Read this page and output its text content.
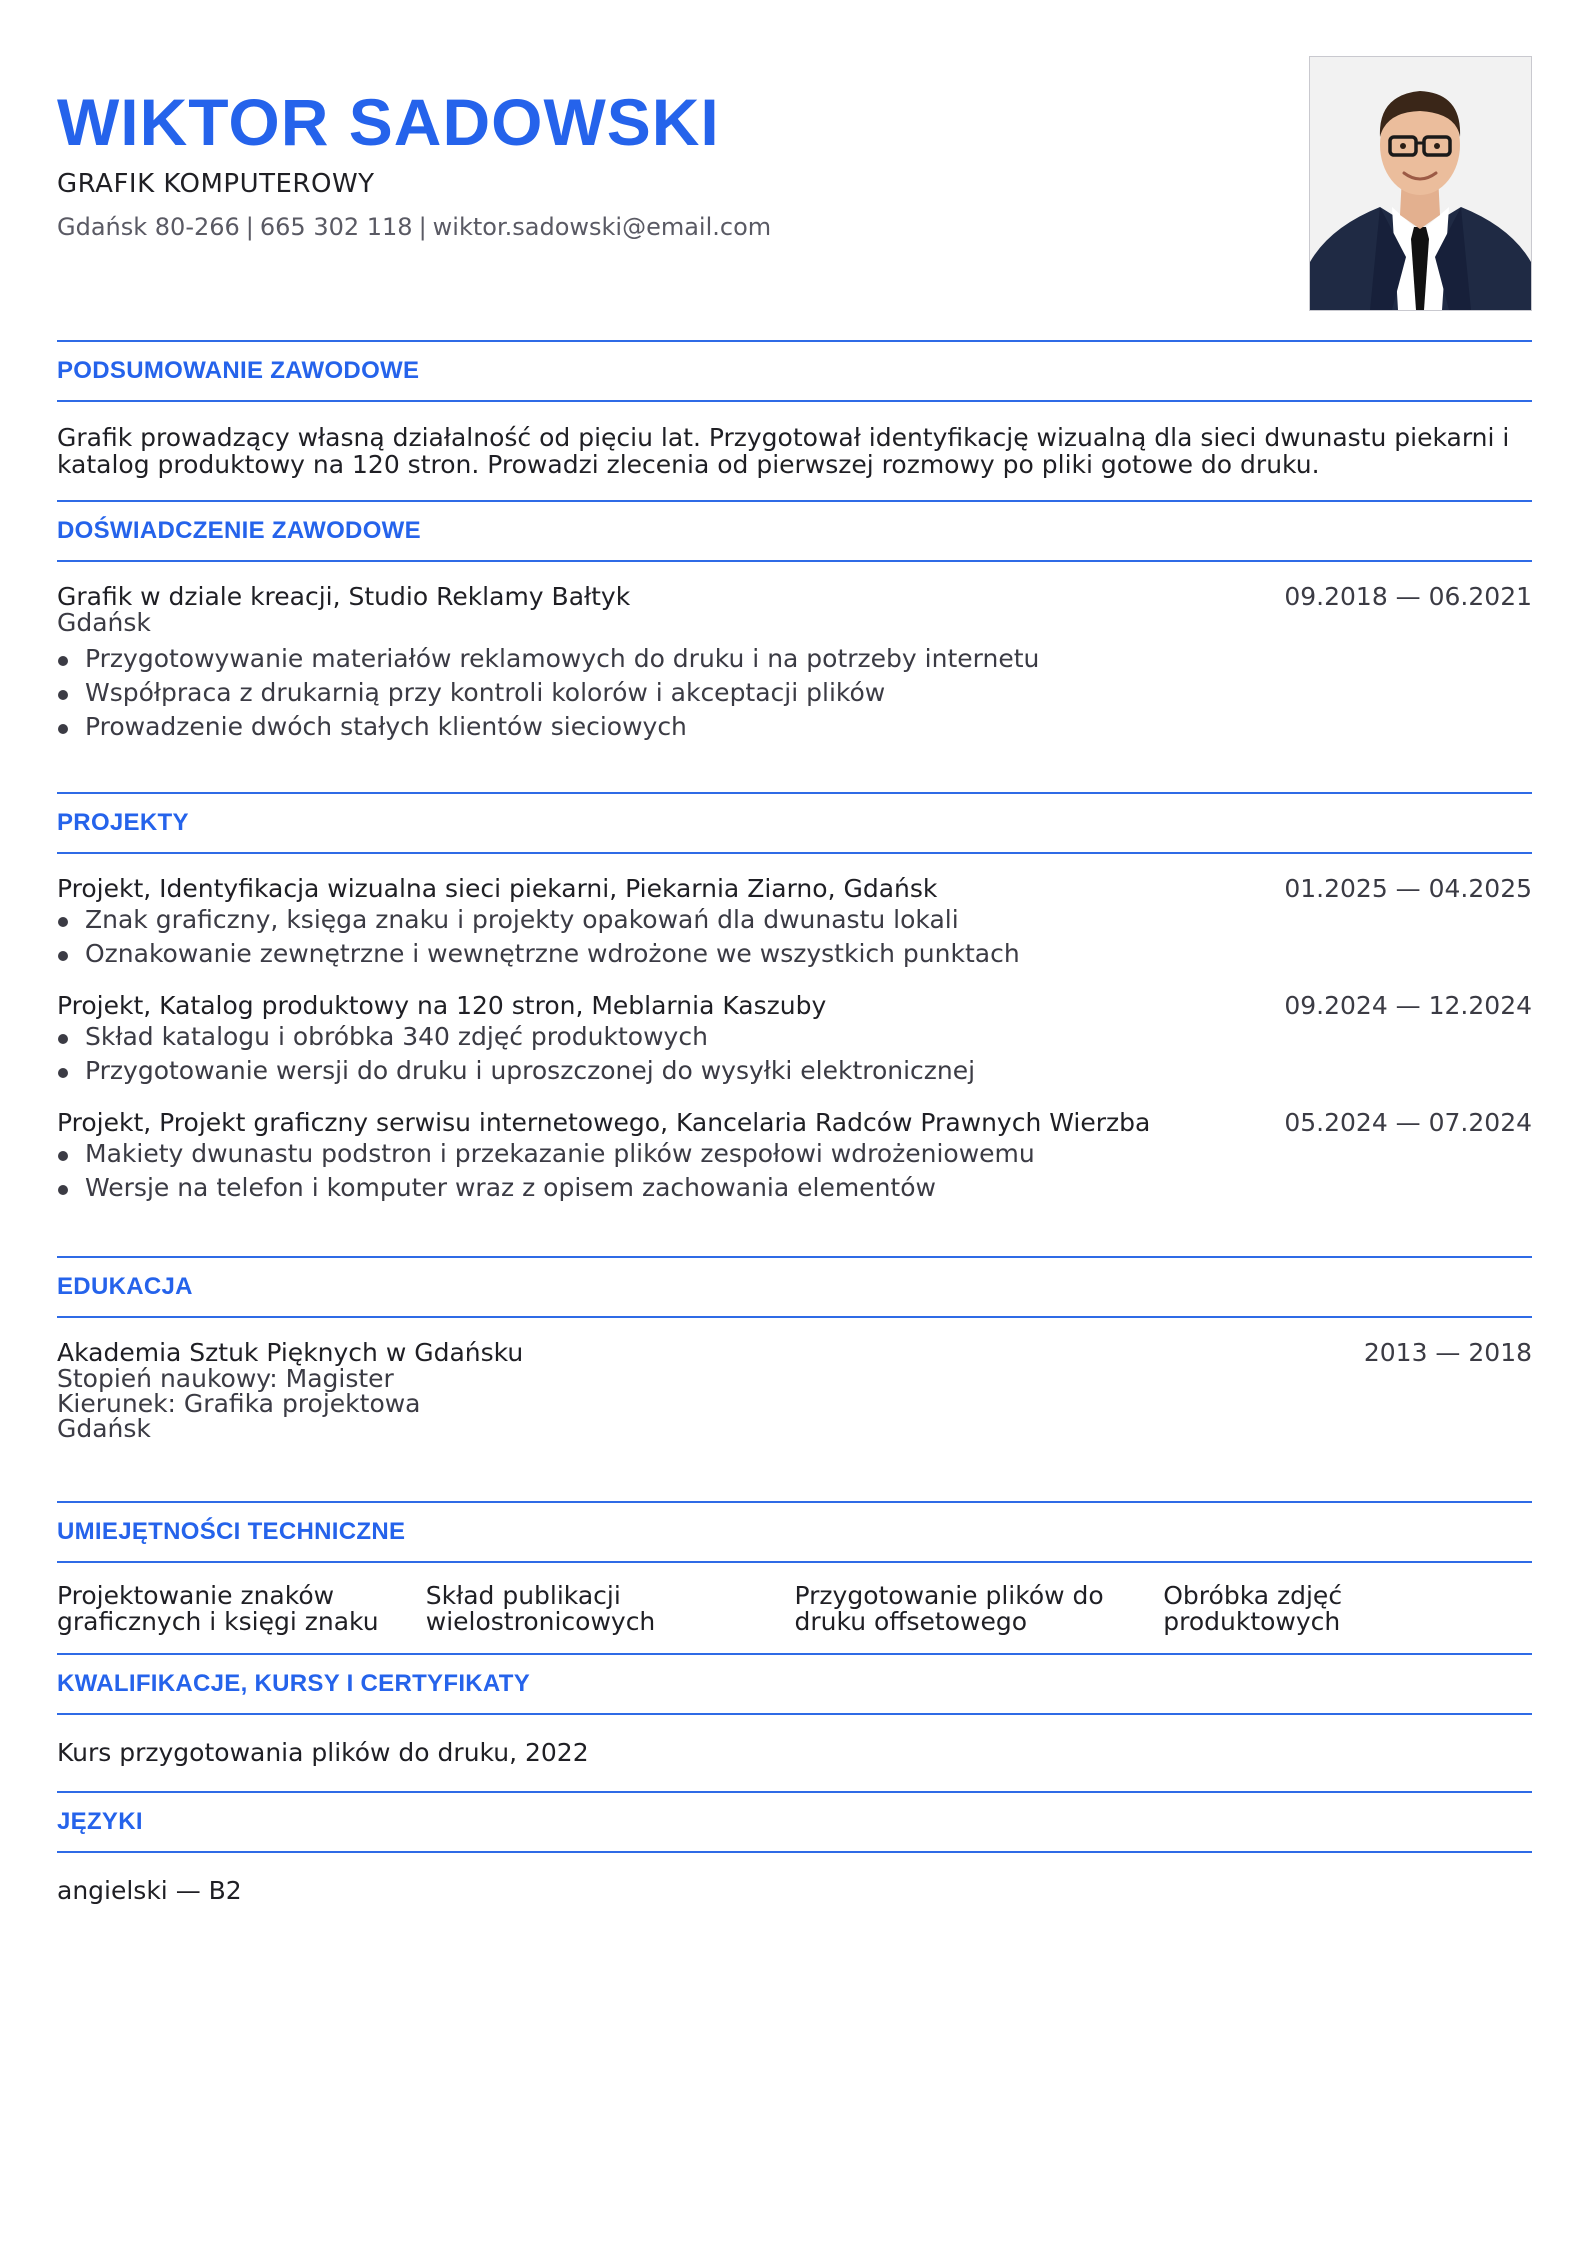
WIKTOR SADOWSKI
GRAFIK KOMPUTEROWY
Gdańsk 80-266 | 665 302 118 | wiktor.sadowski@email.com
PODSUMOWANIE ZAWODOWE

Grafik prowadzący własną działalność od pięciu lat. Przygotował identyfikację wizualną dla sieci dwunastu piekarni i katalog produktowy na 120 stron. Prowadzi zlecenia od pierwszej rozmowy po pliki gotowe do druku.

DOŚWIADCZENIE ZAWODOWE
Grafik w dziale kreacji, Studio Reklamy Bałtyk	09.2018 — 06.2021
Gdańsk
Przygotowywanie materiałów reklamowych do druku i na potrzeby internetu
Współpraca z drukarnią przy kontroli kolorów i akceptacji plików
Prowadzenie dwóch stałych klientów sieciowych
PROJEKTY
Projekt, Identyfikacja wizualna sieci piekarni, Piekarnia Ziarno, Gdańsk	01.2025 — 04.2025
Znak graficzny, księga znaku i projekty opakowań dla dwunastu lokali
Oznakowanie zewnętrzne i wewnętrzne wdrożone we wszystkich punktach
Projekt, Katalog produktowy na 120 stron, Meblarnia Kaszuby	09.2024 — 12.2024
Skład katalogu i obróbka 340 zdjęć produktowych
Przygotowanie wersji do druku i uproszczonej do wysyłki elektronicznej
Projekt, Projekt graficzny serwisu internetowego, Kancelaria Radców Prawnych Wierzba	05.2024 — 07.2024
Makiety dwunastu podstron i przekazanie plików zespołowi wdrożeniowemu
Wersje na telefon i komputer wraz z opisem zachowania elementów
EDUKACJA
Akademia Sztuk Pięknych w Gdańsku	2013 — 2018
Stopień naukowy: Magister
Kierunek: Grafika projektowa
Gdańsk
UMIEJĘTNOŚCI TECHNICZNE
Projektowanie znaków graficznych i księgi znaku
Skład publikacji wielostronicowych
Przygotowanie plików do druku offsetowego
Obróbka zdjęć produktowych
KWALIFIKACJE, KURSY I CERTYFIKATY
Kurs przygotowania plików do druku, 2022
JĘZYKI
angielski — B2
